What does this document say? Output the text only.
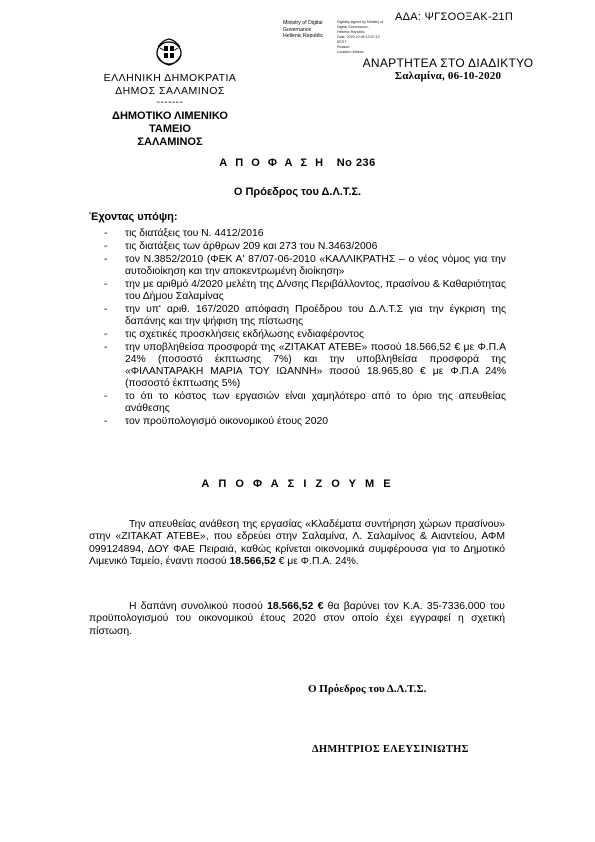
ΑΔΑ: ΨΓΣΟΟΞΑΚ-21Π
Ministry of Digital
Governance
Hellenic Republic
Digitally signed by Ministry of
Digital Governance,
Hellenic Republic
Date: 2020.10.06 12:57:13
EEST
Reason:
Location: Athens
ΕΛΛΗΝΙΚΗ ΔΗΜΟΚΡΑΤΙΑ
ΔΗΜΟΣ ΣΑΛΑΜΙΝΟΣ
-------
ΔΗΜΟΤΙΚΟ ΛΙΜΕΝΙΚΟ ΤΑΜΕΙΟ
ΣΑΛΑΜΙΝΟΣ
ΑΝΑΡΤΗΤΕΑ ΣΤΟ ΔΙΑΔΙΚΤΥΟ
Σαλαμίνα, 06-10-2020
Α Π Ο Φ Α Σ Η Νο 236
Ο Πρόεδρος του Δ.Λ.Τ.Σ.
Έχοντας υπόψη:
- τις διατάξεις του Ν. 4412/2016
- τις διατάξεις των άρθρων 209 και 273 του Ν.3463/2006
- τον Ν.3852/2010 (ΦΕΚ Α' 87/07-06-2010 «ΚΑΛΛΙΚΡΑΤΗΣ – ο νέος νόμος για την αυτοδιοίκηση και την αποκεντρωμένη διοίκηση»
- την με αριθμό 4/2020 μελέτη της Δ/νσης Περιβάλλοντος, πρασίνου & Καθαριότητας του Δήμου Σαλαμίνας
- την υπ' αριθ. 167/2020 απόφαση Προέδρου του Δ.Λ.Τ.Σ για την έγκριση της δαπάνης και την ψήφιση της πίστωσης
- τις σχετικές προσκλήσεις εκδήλωσης ενδιαφέροντος
- την υποβληθείσα προσφορά της «ΖΙΤΑΚΑΤ ΑΤΕΒΕ» ποσού 18.566,52 € με Φ.Π.Α 24% (ποσοστό έκπτωσης 7%) και την υποβληθείσα προσφορά της «ΦΙΛΑΝΤΑΡΑΚΗ ΜΑΡΙΑ ΤΟΥ ΙΩΑΝΝΗ» ποσού 18.965,80 € με Φ.Π.Α 24% (ποσοστό έκπτωσης 5%)
- το ότι το κόστος των εργασιών είναι χαμηλότερο από το όριο της απευθείας ανάθεσης
- τον προϋπολογισμό οικονομικού έτους 2020
Α Π Ο Φ Α Σ Ι Ζ Ο Υ Μ Ε

Την απευθείας ανάθεση της εργασίας «Κλαδέματα συντήρηση χώρων πρασίνου» στην «ΖΙΤΑΚΑΤ ΑΤΕΒΕ», που εδρεύει στην Σαλαμίνα, Λ. Σαλαμίνος & Αιαντείου, ΑΦΜ 099124894, ΔΟΥ ΦΑΕ Πειραιά, καθώς κρίνεται οικονομικά συμφέρουσα για το Δημοτικό Λιμενικό Ταμείο, έναντι ποσού 18.566,52 € με Φ.Π.Α. 24%.

Η δαπάνη συνολικού ποσού 18.566,52 € θα βαρύνει τον Κ.Α. 35-7336.000 του προϋπολογισμού του οικονομικού έτους 2020 στον οποίο έχει εγγραφεί η σχετική πίστωση.

Ο Πρόεδρος του Δ.Λ.Τ.Σ.
ΔΗΜΗΤΡΙΟΣ ΕΛΕΥΣΙΝΙΩΤΗΣ
